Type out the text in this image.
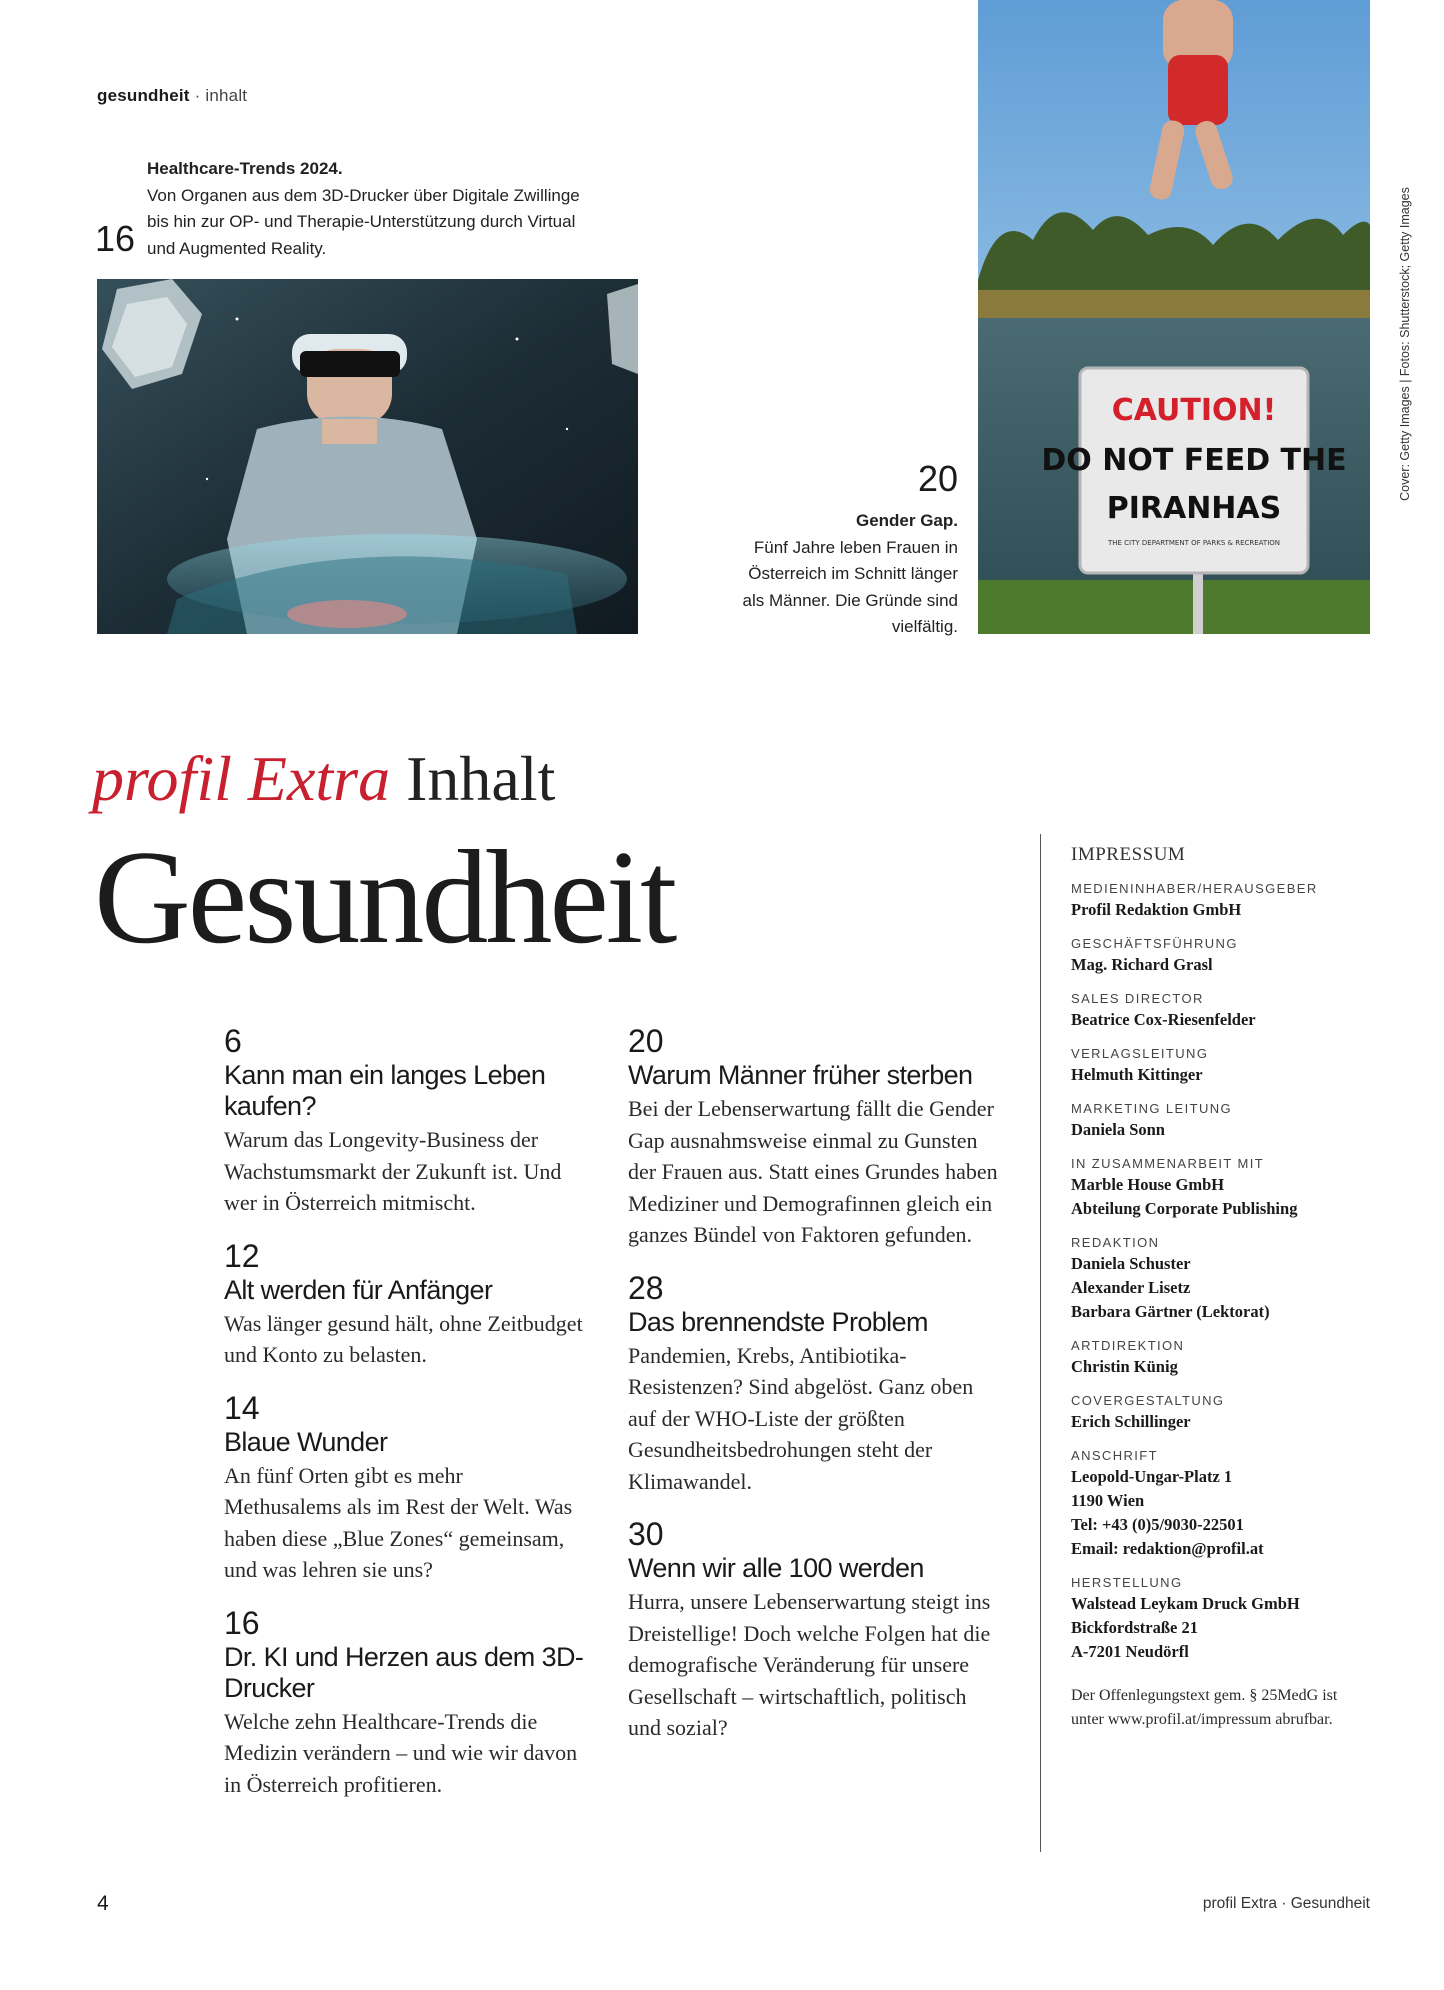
gesundheit · inhalt
16
Healthcare-Trends 2024.
Von Organen aus dem 3D-Drucker über Digitale Zwillinge bis hin zur OP- und Therapie-Unterstützung durch Virtual und Augmented Reality.
20
Gender Gap.
Fünf Jahre leben Frauen in Österreich im Schnitt länger als Männer. Die Gründe sind vielfältig.
CAUTION!
DO NOT FEED THE
PIRANHAS
THE CITY DEPARTMENT OF PARKS & RECREATION
Cover: Getty Images | Fotos: Shutterstock; Getty Images
profil Extra Inhalt
Gesundheit
6
Kann man ein langes Leben kaufen?
Warum das Longevity-Business der Wachstumsmarkt der Zukunft ist. Und wer in Österreich mitmischt.
12
Alt werden für Anfänger
Was länger gesund hält, ohne Zeitbudget und Konto zu belasten.
14
Blaue Wunder
An fünf Orten gibt es mehr Methusalems als im Rest der Welt. Was haben diese „Blue Zones“ gemeinsam, und was lehren sie uns?
16
Dr. KI und Herzen aus dem 3D-Drucker
Welche zehn Healthcare-Trends die Medizin verändern – und wie wir davon in Österreich profitieren.
20
Warum Männer früher sterben
Bei der Lebenserwartung fällt die Gender Gap ausnahmsweise einmal zu Gunsten der Frauen aus. Statt eines Grundes haben Mediziner und Demografinnen gleich ein ganzes Bündel von Faktoren gefunden.
28
Das brennendste Problem
Pandemien, Krebs, Antibiotika-Resistenzen? Sind abgelöst. Ganz oben auf der WHO-Liste der größten Gesundheitsbedrohungen steht der Klimawandel.
30
Wenn wir alle 100 werden
Hurra, unsere Lebenserwartung steigt ins Dreistellige! Doch welche Folgen hat die demografische Veränderung für unsere Gesellschaft – wirtschaftlich, politisch und sozial?
IMPRESSUM
MEDIENINHABER/HERAUSGEBER
Profil Redaktion GmbH
GESCHÄFTSFÜHRUNG
Mag. Richard Grasl
SALES DIRECTOR
Beatrice Cox-Riesenfelder
VERLAGSLEITUNG
Helmuth Kittinger
MARKETING LEITUNG
Daniela Sonn
IN ZUSAMMENARBEIT MIT
Marble House GmbH
Abteilung Corporate Publishing
REDAKTION
Daniela Schuster
Alexander Lisetz
Barbara Gärtner (Lektorat)
ARTDIREKTION
Christin Künig
COVERGESTALTUNG
Erich Schillinger
ANSCHRIFT
Leopold-Ungar-Platz 1
1190 Wien
Tel: +43 (0)5/9030-22501
Email: redaktion@profil.at
HERSTELLUNG
Walstead Leykam Druck GmbH
Bickfordstraße 21
A-7201 Neudörfl
Der Offenlegungstext gem. § 25MedG ist unter www.profil.at/impressum abrufbar.
4	profil Extra · Gesundheit
